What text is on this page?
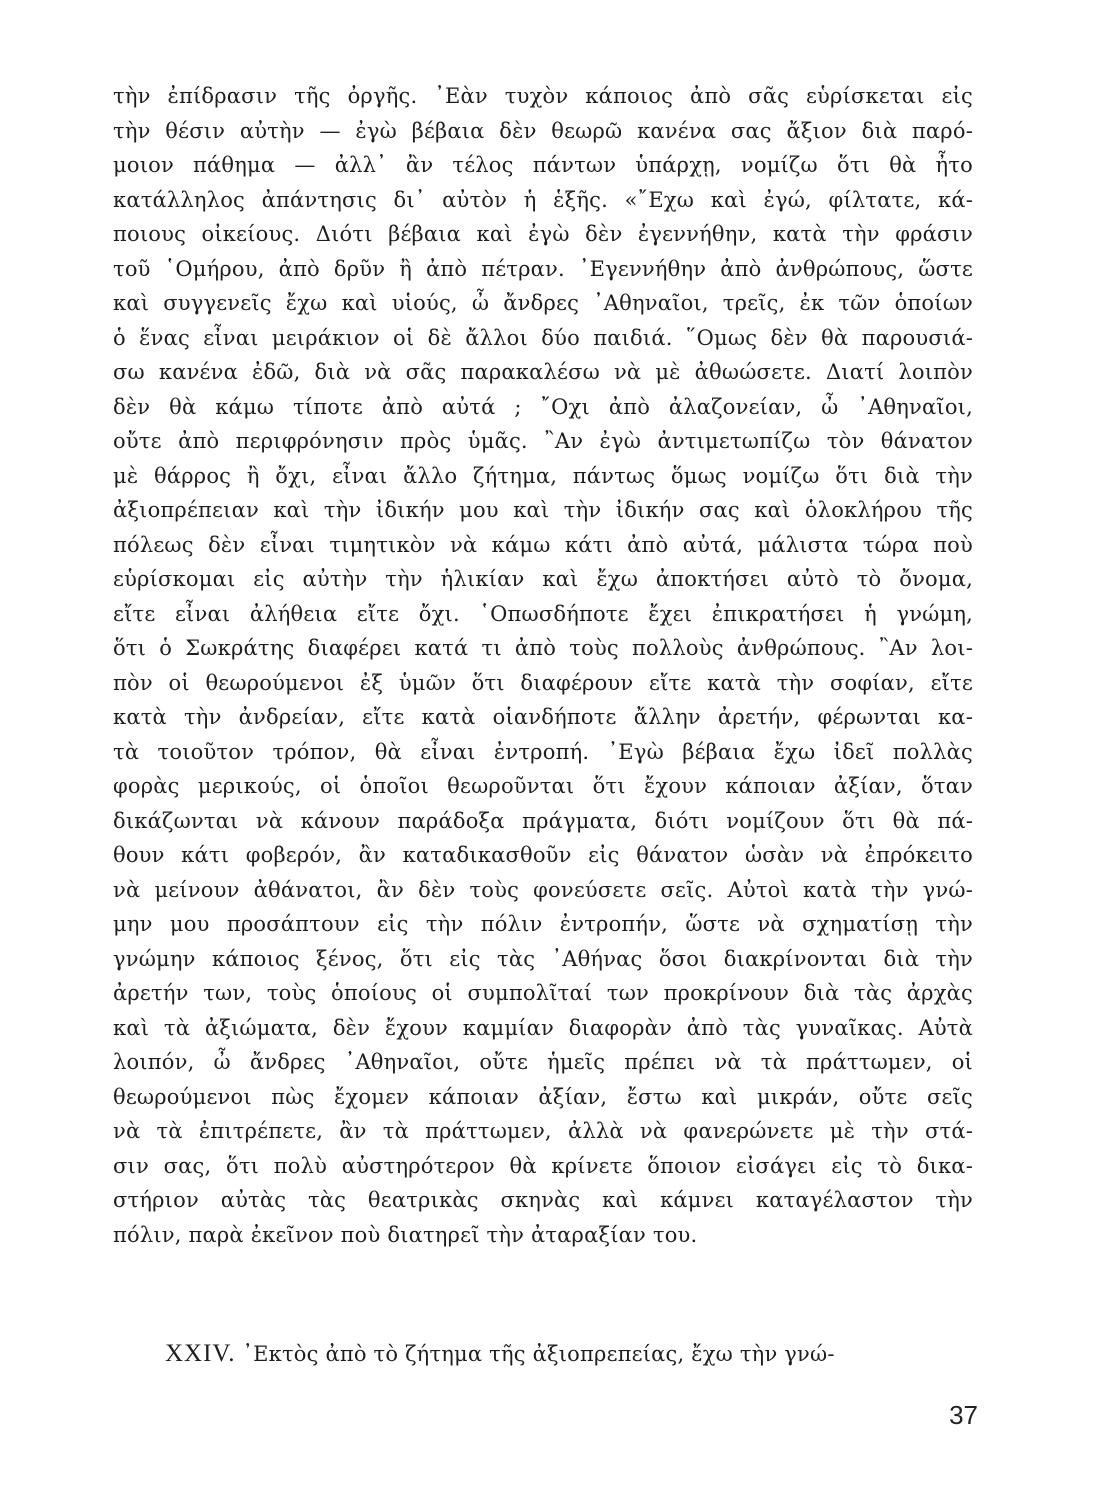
τὴν ἐπίδρασιν τῆς ὀργῆς. ᾿Εὰν τυχὸν κάποιος ἀπὸ σᾶς εὑρίσκεται εἰς
τὴν θέσιν αὐτὴν — ἐγὼ βέβαια δὲν θεωρῶ κανένα σας ἄξιον διὰ παρό-
μοιον πάθημα — ἀλλ᾿ ἂν τέλος πάντων ὑπάρχῃ, νομίζω ὅτι θὰ ἦτο
κατάλληλος ἀπάντησις δι᾿ αὐτὸν ἡ ἑξῆς. «῎Εχω καὶ ἐγώ, φίλτατε, κά-
ποιους οἰκείους. Διότι βέβαια καὶ ἐγὼ δὲν ἐγεννήθην, κατὰ τὴν φράσιν
τοῦ ῾Ομήρου, ἀπὸ δρῦν ἢ ἀπὸ πέτραν. ᾿Εγεννήθην ἀπὸ ἀνθρώπους, ὥστε
καὶ συγγενεῖς ἔχω καὶ υἱούς, ὦ ἄνδρες ᾿Αθηναῖοι, τρεῖς, ἐκ τῶν ὁποίων
ὁ ἕνας εἶναι μειράκιον οἱ δὲ ἄλλοι δύο παιδιά. ῞Ομως δὲν θὰ παρουσιά-
σω κανένα ἐδῶ, διὰ νὰ σᾶς παρακαλέσω νὰ μὲ ἀθωώσετε. Διατί λοιπὸν
δὲν θὰ κάμω τίποτε ἀπὸ αὐτά ; ῎Οχι ἀπὸ ἀλαζονείαν, ὦ ᾿Αθηναῖοι,
οὔτε ἀπὸ περιφρόνησιν πρὸς ὑμᾶς. ῍Αν ἐγὼ ἀντιμετωπίζω τὸν θάνατον
μὲ θάρρος ἢ ὄχι, εἶναι ἄλλο ζήτημα, πάντως ὅμως νομίζω ὅτι διὰ τὴν
ἀξιοπρέπειαν καὶ τὴν ἰδικήν μου καὶ τὴν ἰδικήν σας καὶ ὁλοκλήρου τῆς
πόλεως δὲν εἶναι τιμητικὸν νὰ κάμω κάτι ἀπὸ αὐτά, μάλιστα τώρα ποὺ
εὑρίσκομαι εἰς αὐτὴν τὴν ἡλικίαν καὶ ἔχω ἀποκτήσει αὐτὸ τὸ ὄνομα,
εἴτε εἶναι ἀλήθεια εἴτε ὄχι. ῾Οπωσδήποτε ἔχει ἐπικρατήσει ἡ γνώμη,
ὅτι ὁ Σωκράτης διαφέρει κατά τι ἀπὸ τοὺς πολλοὺς ἀνθρώπους. ῍Αν λοι-
πὸν οἱ θεωρούμενοι ἐξ ὑμῶν ὅτι διαφέρουν εἴτε κατὰ τὴν σοφίαν, εἴτε
κατὰ τὴν ἀνδρείαν, εἴτε κατὰ οἱανδήποτε ἄλλην ἀρετήν, φέρωνται κα-
τὰ τοιοῦτον τρόπον, θὰ εἶναι ἐντροπή. ᾿Εγὼ βέβαια ἔχω ἰδεῖ πολλὰς
φορὰς μερικούς, οἱ ὁποῖοι θεωροῦνται ὅτι ἔχουν κάποιαν ἀξίαν, ὅταν
δικάζωνται νὰ κάνουν παράδοξα πράγματα, διότι νομίζουν ὅτι θὰ πά-
θουν κάτι φοβερόν, ἂν καταδικασθοῦν εἰς θάνατον ὡσὰν νὰ ἐπρόκειτο
νὰ μείνουν ἀθάνατοι, ἂν δὲν τοὺς φονεύσετε σεῖς. Αὐτοὶ κατὰ τὴν γνώ-
μην μου προσάπτουν εἰς τὴν πόλιν ἐντροπήν, ὥστε νὰ σχηματίσῃ τὴν
γνώμην κάποιος ξένος, ὅτι εἰς τὰς ᾿Αθήνας ὅσοι διακρίνονται διὰ τὴν
ἀρετήν των, τοὺς ὁποίους οἱ συμπολῖταί των προκρίνουν διὰ τὰς ἀρχὰς
καὶ τὰ ἀξιώματα, δὲν ἔχουν καμμίαν διαφορὰν ἀπὸ τὰς γυναῖκας. Αὐτὰ
λοιπόν, ὦ ἄνδρες ᾿Αθηναῖοι, οὔτε ἡμεῖς πρέπει νὰ τὰ πράττωμεν, οἱ
θεωρούμενοι πὼς ἔχομεν κάποιαν ἀξίαν, ἔστω καὶ μικράν, οὔτε σεῖς
νὰ τὰ ἐπιτρέπετε, ἂν τὰ πράττωμεν, ἀλλὰ νὰ φανερώνετε μὲ τὴν στά-
σιν σας, ὅτι πολὺ αὐστηρότερον θὰ κρίνετε ὅποιον εἰσάγει εἰς τὸ δικα-
στήριον αὐτὰς τὰς θεατρικὰς σκηνὰς καὶ κάμνει καταγέλαστον τὴν
πόλιν, παρὰ ἐκεῖνον ποὺ διατηρεῖ τὴν ἀταραξίαν του.
XXIV. ᾿Εκτὸς ἀπὸ τὸ ζήτημα τῆς ἀξιοπρεπείας, ἔχω τὴν γνώ-
37
